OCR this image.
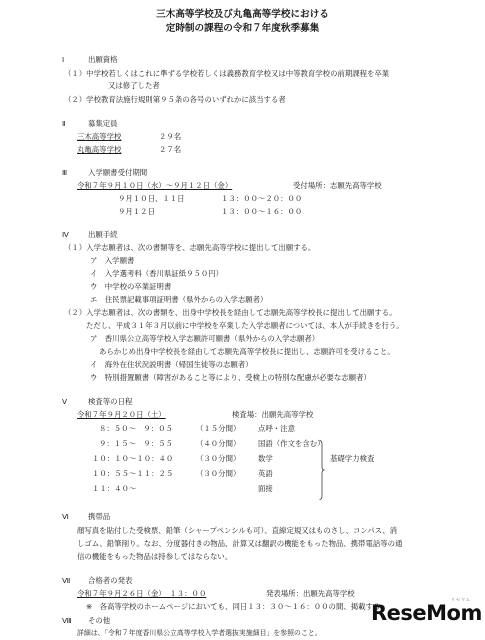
三木高等学校及び丸亀高等学校における
定時制の課程の令和７年度秋季募集
Ⅰ	出願資格
（１）中学校若しくはこれに準ずる学校若しくは義務教育学校又は中等教育学校の前期課程を卒業
又は修了した者
（２）学校教育法施行規則第９５条の各号のいずれかに該当する者
Ⅱ	募集定員
三木高等学校	２９名
丸亀高等学校	２７名
Ⅲ	入学願書受付期間
令和７年９月１０日（水）～９月１２日（金）	受付場所：志願先高等学校
９月１０日、１１日	１３：００～２０：００
９月１２日	１３：００～１６：００
Ⅳ	出願手続
（１）入学志願者は、次の書類等を、志願先高等学校に提出して出願する。
ア　入学願書
イ　入学選考料（香川県証紙９５０円）
ウ　中学校の卒業証明書
エ　住民票記載事項証明書（県外からの入学志願者）
（２）入学志願者は、次の書類を、出身中学校長を経由して志願先高等学校長に提出して出願する。
ただし、平成３１年３月以前に中学校を卒業した入学志願者については、本人が手続きを行う。
ア　香川県公立高等学校入学志願許可願書（県外からの入学志願者）
あらかじめ出身中学校長を経由して志願先高等学校長に提出し、志願許可を受けること。
イ　海外在住状況説明書（帰国生徒等の志願者）
ウ　特別措置願書（障害があること等により、受検上の特別な配慮が必要な志願者）
Ⅴ	検査等の日程
令和７年９月２０日（土）	検査場：出願先高等学校
８：５０～　９：０５	（１５分間） 点呼・注意
９：１５～　９：５５	（４０分間） 国語（作文を含む）
１０：１０～１０：４０	（３０分間） 数学
１０：５５～１１：２５	（３０分間） 英語
１１：４０～	面接
基礎学力検査
Ⅵ	携帯品
顔写真を貼付した受検票、鉛筆（シャープペンシルも可）、直線定規又はものさし、コンパス、消
しゴム、鉛筆削り。なお、分度器付きの物品、計算又は翻訳の機能をもった物品、携帯電話等の通
信の機能をもった物品は持参してはならない。
Ⅶ 合格者の発表
令和７年９月２６日（金）　１３：００	発表場所：出願先高等学校
※　各高等学校のホームページにおいても、同日１３：３０～１６：００の間、掲載する。
Ⅷ その他
詳細は、「令和７年度香川県公立高等学校入学者選抜実施細目」を参照のこと。
ReseMom
リセマム
